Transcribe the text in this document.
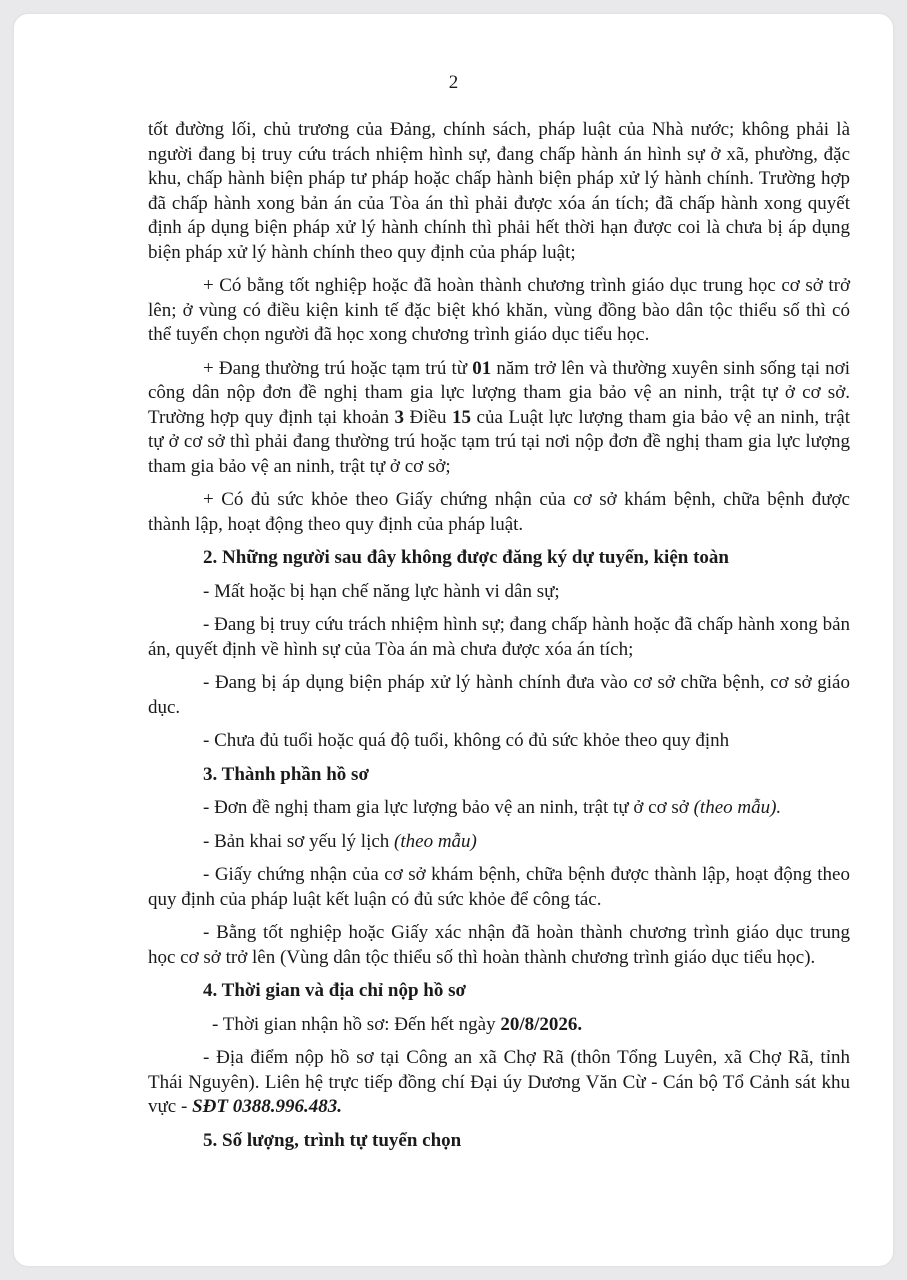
2

tốt đường lối, chủ trương của Đảng, chính sách, pháp luật của Nhà nước; không phải là người đang bị truy cứu trách nhiệm hình sự, đang chấp hành án hình sự ở xã, phường, đặc khu, chấp hành biện pháp tư pháp hoặc chấp hành biện pháp xử lý hành chính. Trường hợp đã chấp hành xong bản án của Tòa án thì phải được xóa án tích; đã chấp hành xong quyết định áp dụng biện pháp xử lý hành chính thì phải hết thời hạn được coi là chưa bị áp dụng biện pháp xử lý hành chính theo quy định của pháp luật;

+ Có bằng tốt nghiệp hoặc đã hoàn thành chương trình giáo dục trung học cơ sở trở lên; ở vùng có điều kiện kinh tế đặc biệt khó khăn, vùng đồng bào dân tộc thiểu số thì có thể tuyển chọn người đã học xong chương trình giáo dục tiểu học.

+ Đang thường trú hoặc tạm trú từ 01 năm trở lên và thường xuyên sinh sống tại nơi công dân nộp đơn đề nghị tham gia lực lượng tham gia bảo vệ an ninh, trật tự ở cơ sở. Trường hợp quy định tại khoản 3 Điều 15 của Luật lực lượng tham gia bảo vệ an ninh, trật tự ở cơ sở thì phải đang thường trú hoặc tạm trú tại nơi nộp đơn đề nghị tham gia lực lượng tham gia bảo vệ an ninh, trật tự ở cơ sở;

+ Có đủ sức khỏe theo Giấy chứng nhận của cơ sở khám bệnh, chữa bệnh được thành lập, hoạt động theo quy định của pháp luật.

2. Những người sau đây không được đăng ký dự tuyển, kiện toàn

- Mất hoặc bị hạn chế năng lực hành vi dân sự;

- Đang bị truy cứu trách nhiệm hình sự; đang chấp hành hoặc đã chấp hành xong bản án, quyết định về hình sự của Tòa án mà chưa được xóa án tích;

- Đang bị áp dụng biện pháp xử lý hành chính đưa vào cơ sở chữa bệnh, cơ sở giáo dục.

- Chưa đủ tuổi hoặc quá độ tuổi, không có đủ sức khỏe theo quy định

3. Thành phần hồ sơ

- Đơn đề nghị tham gia lực lượng bảo vệ an ninh, trật tự ở cơ sở (theo mẫu).

- Bản khai sơ yếu lý lịch (theo mẫu)

- Giấy chứng nhận của cơ sở khám bệnh, chữa bệnh được thành lập, hoạt động theo quy định của pháp luật kết luận có đủ sức khỏe để công tác.

- Bằng tốt nghiệp hoặc Giấy xác nhận đã hoàn thành chương trình giáo dục trung học cơ sở trở lên (Vùng dân tộc thiểu số thì hoàn thành chương trình giáo dục tiểu học).

4. Thời gian và địa chỉ nộp hồ sơ

- Thời gian nhận hồ sơ: Đến hết ngày 20/8/2026.

- Địa điểm nộp hồ sơ tại Công an xã Chợ Rã (thôn Tổng Luyên, xã Chợ Rã, tỉnh Thái Nguyên). Liên hệ trực tiếp đồng chí Đại úy Dương Văn Cừ - Cán bộ Tổ Cảnh sát khu vực - SĐT 0388.996.483.

5. Số lượng, trình tự tuyển chọn
